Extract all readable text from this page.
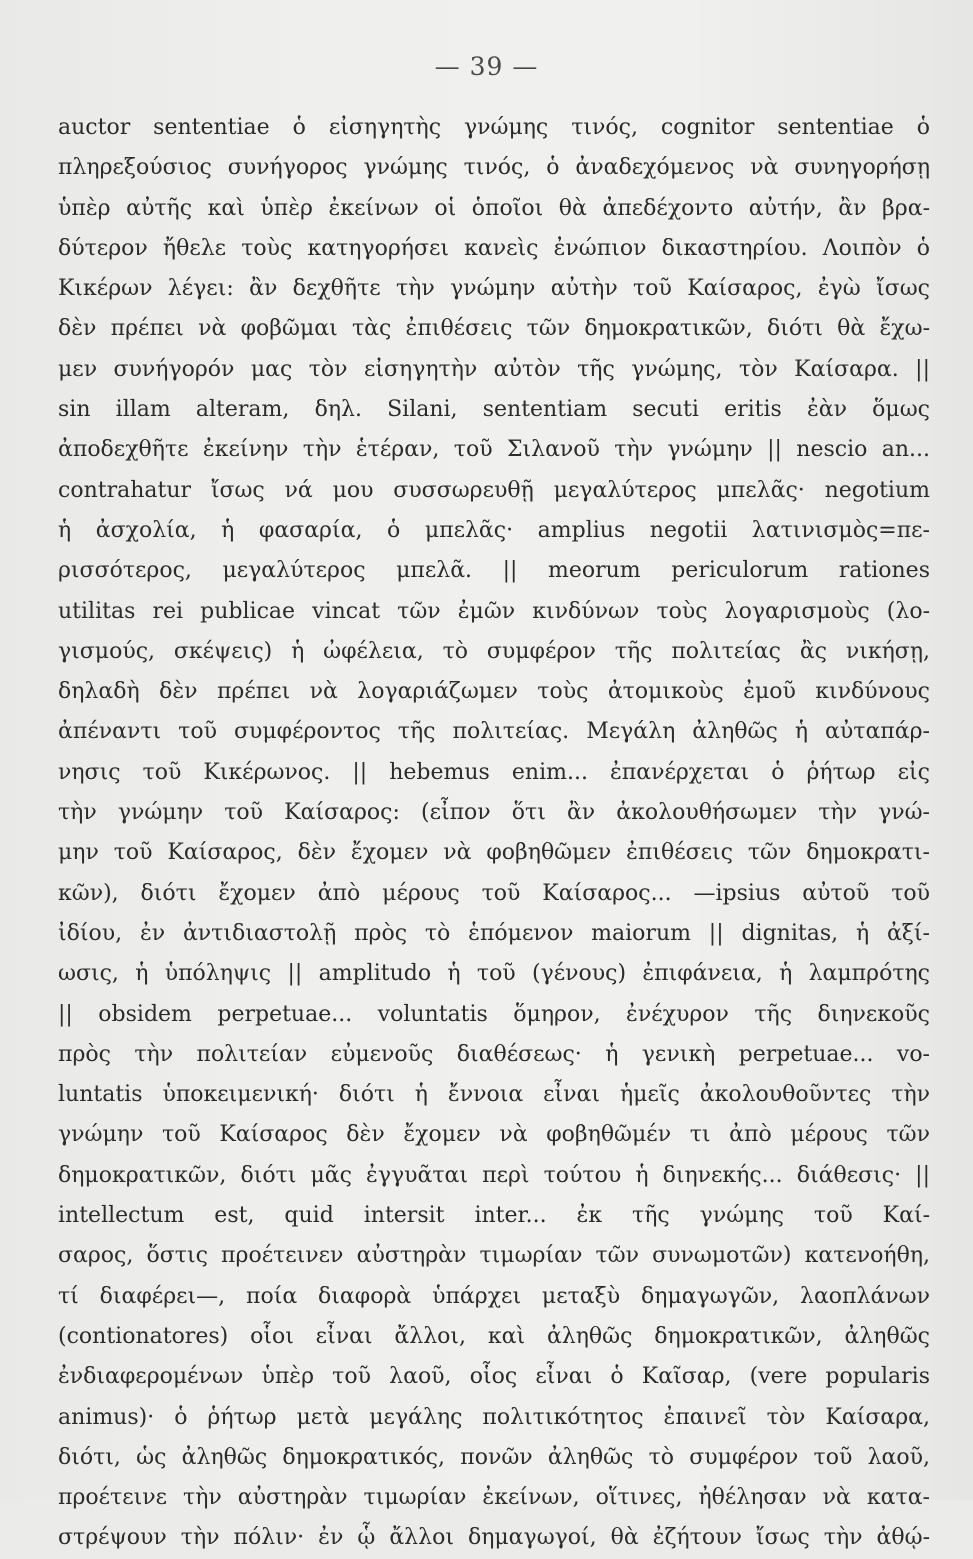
— 39 —
auctor sententiae ὁ εἰσηγητὴς γνώμης τινός, cognitor sententiae ὁ
πληρεξούσιος συνήγορος γνώμης τινός, ὁ ἀναδεχόμενος νὰ συνηγορήσῃ
ὑπὲρ αὐτῆς καὶ ὑπὲρ ἐκείνων οἱ ὁποῖοι θὰ ἀπεδέχοντο αὐτήν, ἂν βρα-
δύτερον ἤθελε τοὺς κατηγορήσει κανεὶς ἐνώπιον δικαστηρίου. Λοιπὸν ὁ
Κικέρων λέγει: ἂν δεχθῆτε τὴν γνώμην αὐτὴν τοῦ Καίσαρος, ἐγὼ ἴσως
δὲν πρέπει νὰ φοβῶμαι τὰς ἐπιθέσεις τῶν δημοκρατικῶν, διότι θὰ ἔχω-
μεν συνήγορόν μας τὸν εἰσηγητὴν αὐτὸν τῆς γνώμης, τὸν Καίσαρα. ||
sin illam alteram, δηλ. Silani, sententiam secuti eritis ἐὰν ὅμως
ἀποδεχθῆτε ἐκείνην τὴν ἑτέραν, τοῦ Σιλανοῦ τὴν γνώμην || nescio an...
contrahatur ἴσως νά μου συσσωρευθῇ μεγαλύτερος μπελᾶς· negotium
ἡ ἀσχολία, ἡ φασαρία, ὁ μπελᾶς· amplius negotii λατινισμὸς=πε-
ρισσότερος, μεγαλύτερος μπελᾶ. || meorum periculorum rationes
utilitas rei publicae vincat τῶν ἐμῶν κινδύνων τοὺς λογαρισμοὺς (λο-
γισμούς, σκέψεις) ἡ ὠφέλεια, τὸ συμφέρον τῆς πολιτείας ἂς νικήσῃ,
δηλαδὴ δὲν πρέπει νὰ λογαριάζωμεν τοὺς ἀτομικοὺς ἐμοῦ κινδύνους
ἀπέναντι τοῦ συμφέροντος τῆς πολιτείας. Μεγάλη ἀληθῶς ἡ αὐταπάρ-
νησις τοῦ Κικέρωνος. || hebemus enim... ἐπανέρχεται ὁ ῥήτωρ εἰς
τὴν γνώμην τοῦ Καίσαρος: (εἶπον ὅτι ἂν ἀκολουθήσωμεν τὴν γνώ-
μην τοῦ Καίσαρος, δὲν ἔχομεν νὰ φοβηθῶμεν ἐπιθέσεις τῶν δημοκρατι-
κῶν), διότι ἔχομεν ἀπὸ μέρους τοῦ Καίσαρος... —ipsius αὐτοῦ τοῦ
ἰδίου, ἐν ἀντιδιαστολῇ πρὸς τὸ ἑπόμενον maiorum || dignitas, ἡ ἀξί-
ωσις, ἡ ὑπόληψις || amplitudo ἡ τοῦ (γένους) ἐπιφάνεια, ἡ λαμπρότης
|| obsidem perpetuae... voluntatis ὅμηρον, ἐνέχυρον τῆς διηνεκοῦς
πρὸς τὴν πολιτείαν εὐμενοῦς διαθέσεως· ἡ γενικὴ perpetuae... vo-
luntatis ὑποκειμενική· διότι ἡ ἔννοια εἶναι ἡμεῖς ἀκολουθοῦντες τὴν
γνώμην τοῦ Καίσαρος δὲν ἔχομεν νὰ φοβηθῶμέν τι ἀπὸ μέρους τῶν
δημοκρατικῶν, διότι μᾶς ἐγγυᾶται περὶ τούτου ἡ διηνεκής... διάθεσις· ||
intellectum est, quid intersit inter... ἐκ τῆς γνώμης τοῦ Καί-
σαρος, ὅστις προέτεινεν αὐστηρὰν τιμωρίαν τῶν συνωμοτῶν) κατενοήθη,
τί διαφέρει—, ποία διαφορὰ ὑπάρχει μεταξὺ δημαγωγῶν, λαοπλάνων
(contionatores) οἷοι εἶναι ἄλλοι, καὶ ἀληθῶς δημοκρατικῶν, ἀληθῶς
ἐνδιαφερομένων ὑπὲρ τοῦ λαοῦ, οἷος εἶναι ὁ Καῖσαρ, (vere popularis
animus)· ὁ ῥήτωρ μετὰ μεγάλης πολιτικότητος ἐπαινεῖ τὸν Καίσαρα,
διότι, ὡς ἀληθῶς δημοκρατικός, πονῶν ἀληθῶς τὸ συμφέρον τοῦ λαοῦ,
προέτεινε τὴν αὐστηρὰν τιμωρίαν ἐκείνων, οἵτινες, ἠθέλησαν νὰ κατα-
στρέψουν τὴν πόλιν· ἐν ᾧ ἄλλοι δημαγωγοί, θὰ ἐζήτουν ἴσως τὴν ἀθῴ-
